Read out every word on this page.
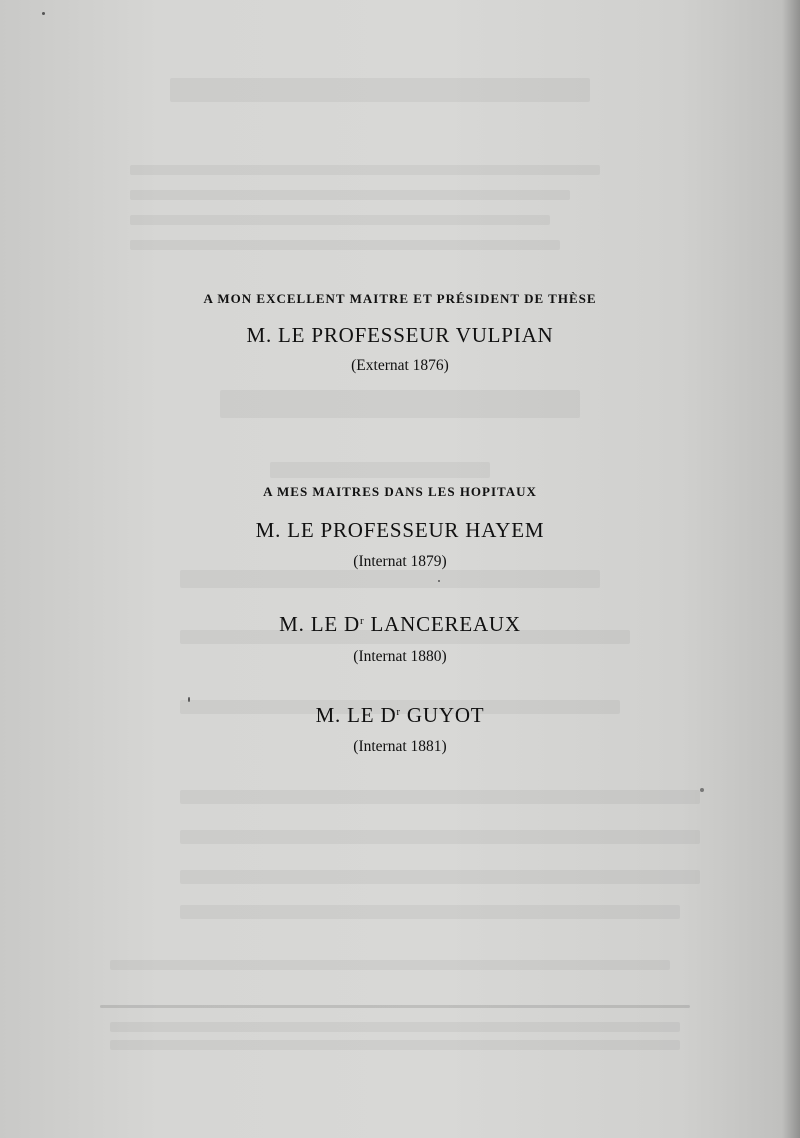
A MON EXCELLENT MAITRE ET PRÉSIDENT DE THÈSE
M. LE PROFESSEUR VULPIAN
(Externat 1876)
A MES MAITRES DANS LES HOPITAUX
M. LE PROFESSEUR HAYEM
(Internat 1879)
M. LE $D^r$ LANCEREAUX
(Internat 1880)
M. LE $D^r$ GUYOT
(Internat 1881)
